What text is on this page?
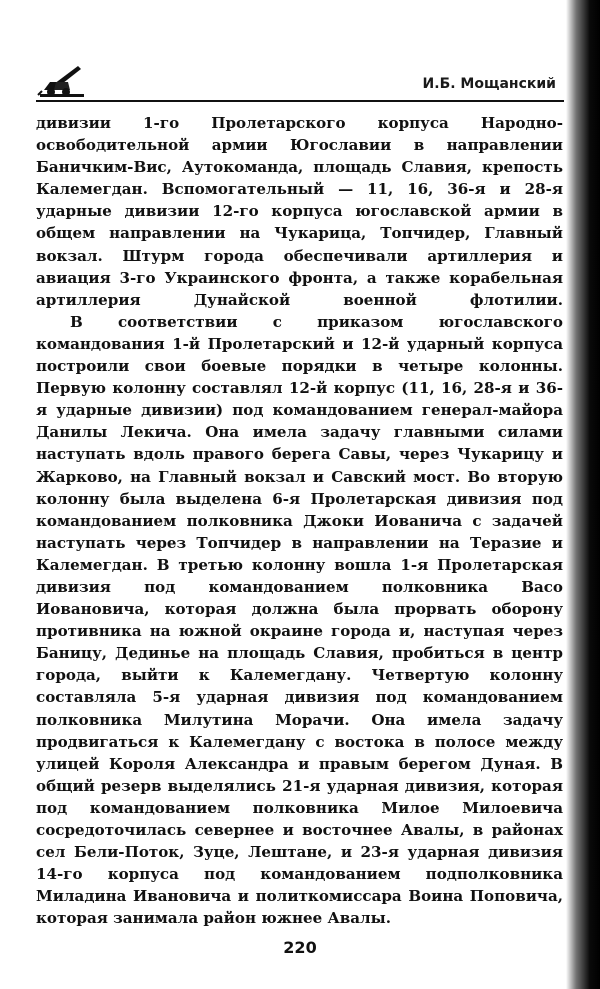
И.Б. Мощанский

дивизии 1-го Пролетарского корпуса Народно-освободительной армии Югославии в направлении Баничким-Вис, Аутокоманда, площадь Славия, крепость Калемегдан. Вспомогательный — 11, 16, 36-я и 28-я ударные дивизии 12-го корпуса югославской армии в общем направлении на Чукарица, Топчидер, Главный вокзал. Штурм города обеспечивали артиллерия и авиация 3-го Украинского фронта, а также корабельная артиллерия Дунайской военной флотилии.

В соответствии с приказом югославского командования 1-й Пролетарский и 12-й ударный корпуса построили свои боевые порядки в четыре колонны. Первую колонну составлял 12-й корпус (11, 16, 28-я и 36-я ударные дивизии) под командованием генерал-майора Данилы Лекича. Она имела задачу главными силами наступать вдоль правого берега Савы, через Чукарицу и Жарково, на Главный вокзал и Савский мост. Во вторую колонну была выделена 6-я Пролетарская дивизия под командованием полковника Джоки Иованича с задачей наступать через Топчидер в направлении на Теразие и Калемегдан. В третью колонну вошла 1-я Пролетарская дивизия под командованием полковника Васо Иовановича, которая должна была прорвать оборону противника на южной окраине города и, наступая через Баницу, Дединье на площадь Славия, пробиться в центр города, выйти к Калемегдану. Четвертую колонну составляла 5-я ударная дивизия под командованием полковника Милутина Морачи. Она имела задачу продвигаться к Калемегдану с востока в полосе между улицей Короля Александра и правым берегом Дуная. В общий резерв выделялись 21-я ударная дивизия, которая под командованием полковника Милое Милоевича сосредоточилась севернее и восточнее Авалы, в районах сел Бели-Поток, Зуце, Лештане, и 23-я ударная дивизия 14-го корпуса под командованием подполковника Миладина Ивановича и политкомиссара Воина Поповича, которая занимала район южнее Авалы.

220
